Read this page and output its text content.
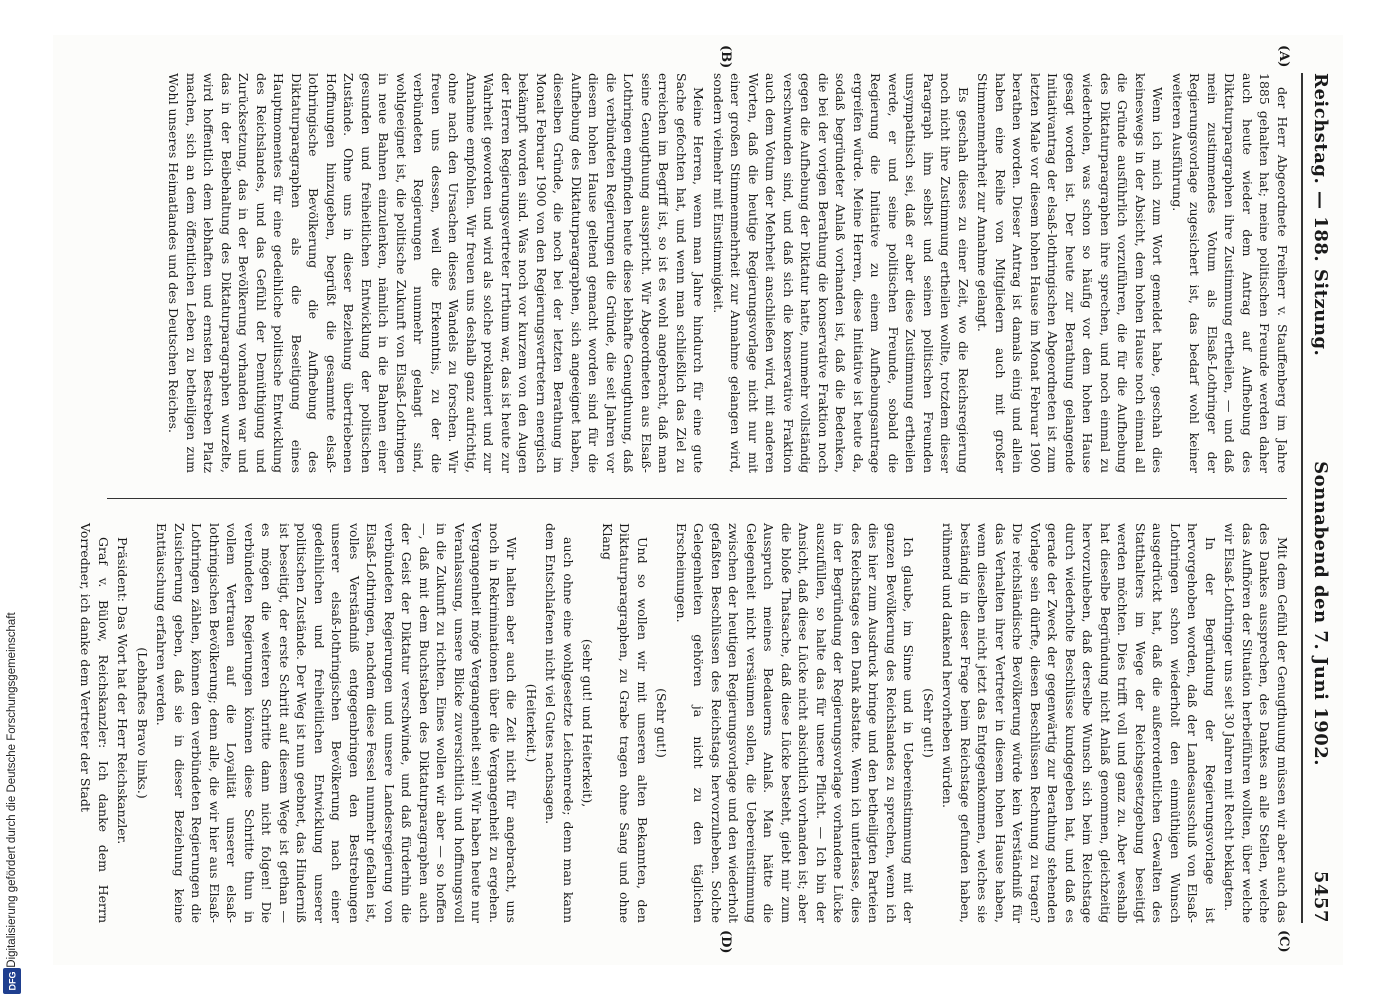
Reichstag. — 188. Sitzung.
Sonnabend den 7. Juni 1902.
5457
(A)
(B)
(C)
(D)

der Herr Abgeordnete Freiherr v. Stauffenberg im Jahre 1885 gehalten hat; meine politischen Freunde werden daher auch heute wieder dem Antrag auf Aufhebung des Diktaturparagraphen ihre Zustimmung ertheilen, — und daß mein zustimmendes Votum als Elsaß-Lothringer der Regierungsvorlage zugesichert ist, das bedarf wohl keiner weiteren Ausführung.

Wenn ich mich zum Wort gemeldet habe, geschah dies keineswegs in der Absicht, dem hohen Hause noch einmal all die Gründe ausführlich vorzuführen, die für die Aufhebung des Diktaturparagraphen ihre sprechen, und noch einmal zu wiederholen, was schon so häufig vor dem hohen Hause gesagt worden ist. Der heute zur Berathung gelangende Initiativantrag der elsaß-lothringischen Abgeordneten ist zum letzten Male vor diesem hohen Hause im Monat Februar 1900 berathen worden. Dieser Antrag ist damals einig und allein haben eine Reihe von Mitgliedern auch mit großer Stimmenmehrheit zur Annahme gelangt.

Es geschah dieses zu einer Zeit, wo die Reichsregierung noch nicht ihre Zustimmung ertheilen wollte, trotzdem dieser Paragraph ihm selbst und seinen politischen Freunden unsympathisch sei, daß er aber diese Zustimmung ertheilen werde, er und seine politischen Freunde, sobald die Regierung die Initiative zu einem Aufhebungsantrage ergreifen würde. Meine Herren, diese Initiative ist heute da, sodaß begründeter Anlaß vorhanden ist, daß die Bedenken, die bei der vorigen Berathung die konservative Fraktion noch gegen die Aufhebung der Diktatur hatte, nunmehr vollständig verschwunden sind, und daß sich die konservative Fraktion auch dem Votum der Mehrheit anschließen wird, mit anderen Worten, daß die heutige Regierungsvorlage nicht nur mit einer großen Stimmenmehrheit zur Annahme gelangen wird, sondern vielmehr mit Einstimmigkeit.

Meine Herren, wenn man Jahre hindurch für eine gute Sache gefochten hat, und wenn man schließlich das Ziel zu erreichen im Begriff ist, so ist es wohl angebracht, daß man seine Genugthuung ausspricht. Wir Abgeordneten aus Elsaß-Lothringen empfinden heute diese lebhafte Genugthuung, daß die verbündeten Regierungen die Gründe, die seit Jahren vor diesem hohen Hause geltend gemacht worden sind für die Aufhebung des Diktaturparagraphen, sich angeeignet haben, dieselben Gründe, die noch bei der letzten Berathung im Monat Februar 1900 von den Regierungsvertretern energisch bekämpft worden sind. Was noch vor kurzem von den Augen der Herren Regierungsvertreter Irrthum war, das ist heute zur Wahrheit geworden und wird als solche proklamiert und zur Annahme empfohlen. Wir freuen uns deshalb ganz aufrichtig, ohne nach den Ursachen dieses Wandels zu forschen. Wir freuen uns dessen, weil die Erkenntnis, zu der die verbündeten Regierungen nunmehr gelangt sind, wohlgeeignet ist, die politische Zukunft von Elsaß-Lothringen in neue Bahnen einzulenken, nämlich in die Bahnen einer gesunden und freiheitlichen Entwicklung der politischen Zustände. Ohne uns in dieser Beziehung übertriebenen Hoffnungen hinzugeben, begrüßt die gesammte elsaß-lothringische Bevölkerung die Aufhebung des Diktaturparagraphen als die Beseitigung eines Hauptmomentes für eine gedeihliche politische Entwicklung des Reichslandes, und das Gefühl der Demüthigung und Zurücksetzung, das in der Bevölkerung vorhanden war und das in der Beibehaltung des Diktaturparagraphen wurzelte, wird hoffentlich dem lebhaften und ernsten Bestreben Platz machen, sich an dem öffentlichen Leben zu betheiligen zum Wohl unseres Heimatlandes und des Deutschen Reiches.

Mit dem Gefühl der Genugthuung müssen wir aber auch das des Dankes aussprechen, des Dankes an alle Stellen, welche das Aufhören der Situation herbeiführen wollten, über welche wir Elsaß-Lothringer uns seit 30 Jahren mit Recht beklagten.

In der Begründung der Regierungsvorlage ist hervorgehoben worden, daß der Landesausschuß von Elsaß-Lothringen schon wiederholt den einmüthigen Wunsch ausgedrückt hat, daß die außerordentlichen Gewalten des Statthalters im Wege der Reichsgesetzgebung beseitigt werden möchten. Dies trifft voll und ganz zu. Aber weshalb hat dieselbe Begründung nicht Anlaß genommen, gleichzeitig hervorzuheben, daß derselbe Wunsch sich beim Reichstage durch wiederholte Beschlüsse kundgegeben hat, und daß es gerade der Zweck der gegenwärtig zur Berathung stehenden Vorlage sein dürfte, diesen Beschlüssen Rechnung zu tragen? Die reichsländische Bevölkerung würde kein Verständniß für das Verhalten ihrer Vertreter in diesem hohen Hause haben, wenn dieselben nicht jetzt das Entgegenkommen, welches sie beständig in dieser Frage beim Reichstage gefunden haben, rühmend und dankend hervorheben würden.

(Sehr gut!)

Ich glaube, im Sinne und in Uebereinstimmung mit der ganzen Bevölkerung des Reichslandes zu sprechen, wenn ich dies hier zum Ausdruck bringe und den betheiligten Parteien des Reichstages den Dank abstatte. Wenn ich unterlasse, dies in der Begründung der Regierungsvorlage vorhandene Lücke auszufüllen, so halte das für unsere Pflicht. — Ich bin der Ansicht, daß diese Lücke nicht absichtlich vorhanden ist; aber die bloße Thatsache, daß diese Lücke besteht, giebt mir zum Ausspruch meines Bedauerns Anlaß. Man hätte die Gelegenheit nicht versäumen sollen, die Uebereinstimmung zwischen der heutigen Regierungsvorlage und den wiederholt gefaßten Beschlüssen des Reichstags hervorzuheben. Solche Gelegenheiten gehören ja nicht zu den täglichen Erscheinungen.

(Sehr gut!)

Und so wollen wir mit unseren alten Bekannten, den Diktaturparagraphen, zu Grabe tragen ohne Sang und ohne Klang

(sehr gut! und Heiterkeit),

auch ohne eine wohlgesetzte Leichenrede; denn man kann dem Entschlafenen nicht viel Gutes nachsagen.

(Heiterkeit.)

Wir halten aber auch die Zeit nicht für angebracht, uns noch in Rekriminationen über die Vergangenheit zu ergehen. Vergangenheit möge Vergangenheit sein! Wir haben heute nur Veranlassung, unsere Blicke zuversichtlich und hoffnungsvoll in die Zukunft zu richten. Eines wollen wir aber — so hoffen —, daß mit dem Buchstaben des Diktaturparagraphen auch der Geist der Diktatur verschwinde, und daß fürderhin die verbündeten Regierungen und unsere Landesregierung von Elsaß-Lothringen, nachdem diese Fessel nunmehr gefallen ist, volles Verständniß entgegenbringen den Bestrebungen unserer elsaß-lothringischen Bevölkerung nach einer gedeihlichen und freiheitlichen Entwicklung unserer politischen Zustände. Der Weg ist nun geebnet, das Hinderniß ist beseitigt, der erste Schritt auf diesem Wege ist gethan — es mögen die weiteren Schritte dann nicht folgen! Die verbündeten Regierungen können diese Schritte thun in vollem Vertrauen auf die Loyalität unserer elsaß-lothringischen Bevölkerung; denn alle, die wir hier aus Elsaß-Lothringen zählen, können den verbündeten Regierungen die Zusicherung geben, daß sie in dieser Beziehung keine Enttäuschung erfahren werden.

(Lebhaftes Bravo links.)

Präsident: Das Wort hat der Herr Reichskanzler.

Graf v. Bülow, Reichskanzler: Ich danke dem Herrn Vorredner, ich danke dem Vertreter der Stadt

Digitalisierung gefördert durch die Deutsche Forschungsgemeinschaft
DFG
